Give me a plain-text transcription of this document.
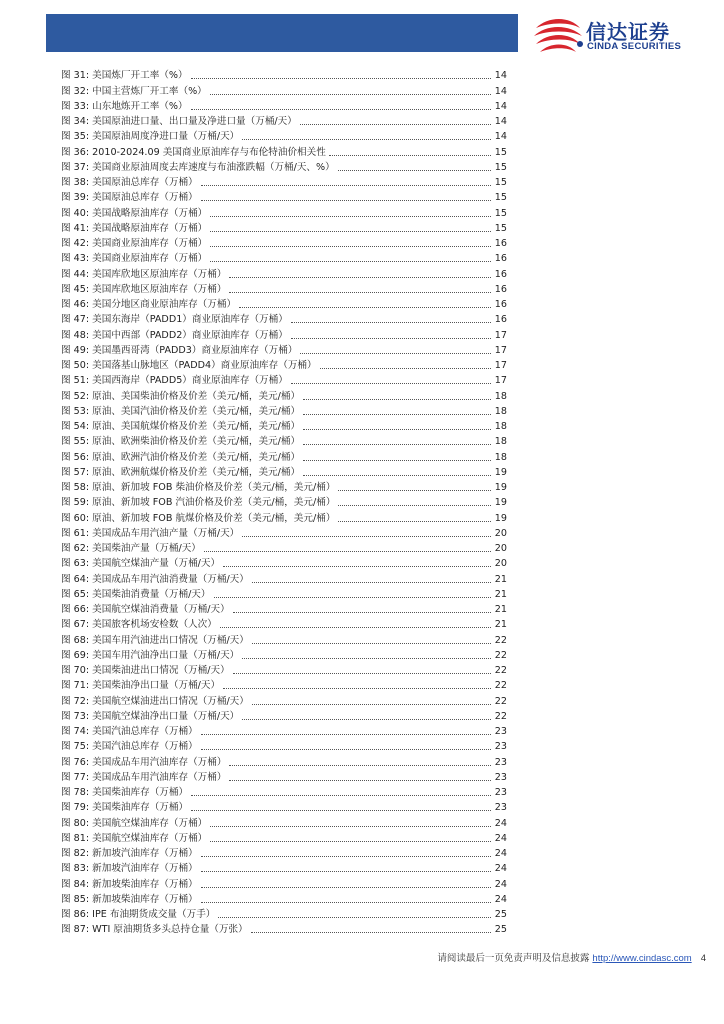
信达证券
CINDA SECURITIES
图 31: 美国炼厂开工率（%）	14
图 32: 中国主营炼厂开工率（%）	14
图 33: 山东地炼开工率（%）	14
图 34: 美国原油进口量、出口量及净进口量（万桶/天）	14
图 35: 美国原油周度净进口量（万桶/天）	14
图 36: 2010-2024.09 美国商业原油库存与布伦特油价相关性	15
图 37: 美国商业原油周度去库速度与布油涨跌幅（万桶/天、%）	15
图 38: 美国原油总库存（万桶）	15
图 39: 美国原油总库存（万桶）	15
图 40: 美国战略原油库存（万桶）	15
图 41: 美国战略原油库存（万桶）	15
图 42: 美国商业原油库存（万桶）	16
图 43: 美国商业原油库存（万桶）	16
图 44: 美国库欣地区原油库存（万桶）	16
图 45: 美国库欣地区原油库存（万桶）	16
图 46: 美国分地区商业原油库存（万桶）	16
图 47: 美国东海岸（PADD1）商业原油库存（万桶）	16
图 48: 美国中西部（PADD2）商业原油库存（万桶）	17
图 49: 美国墨西哥湾（PADD3）商业原油库存（万桶）	17
图 50: 美国落基山脉地区（PADD4）商业原油库存（万桶）	17
图 51: 美国西海岸（PADD5）商业原油库存（万桶）	17
图 52: 原油、美国柴油价格及价差（美元/桶，美元/桶）	18
图 53: 原油、美国汽油价格及价差（美元/桶，美元/桶）	18
图 54: 原油、美国航煤价格及价差（美元/桶，美元/桶）	18
图 55: 原油、欧洲柴油价格及价差（美元/桶，美元/桶）	18
图 56: 原油、欧洲汽油价格及价差（美元/桶，美元/桶）	18
图 57: 原油、欧洲航煤价格及价差（美元/桶，美元/桶）	19
图 58: 原油、新加坡 FOB 柴油价格及价差（美元/桶，美元/桶）	19
图 59: 原油、新加坡 FOB 汽油价格及价差（美元/桶，美元/桶）	19
图 60: 原油、新加坡 FOB 航煤价格及价差（美元/桶，美元/桶）	19
图 61: 美国成品车用汽油产量（万桶/天）	20
图 62: 美国柴油产量（万桶/天）	20
图 63: 美国航空煤油产量（万桶/天）	20
图 64: 美国成品车用汽油消费量（万桶/天）	21
图 65: 美国柴油消费量（万桶/天）	21
图 66: 美国航空煤油消费量（万桶/天）	21
图 67: 美国旅客机场安检数（人次）	21
图 68: 美国车用汽油进出口情况（万桶/天）	22
图 69: 美国车用汽油净出口量（万桶/天）	22
图 70: 美国柴油进出口情况（万桶/天）	22
图 71: 美国柴油净出口量（万桶/天）	22
图 72: 美国航空煤油进出口情况（万桶/天）	22
图 73: 美国航空煤油净出口量（万桶/天）	22
图 74: 美国汽油总库存（万桶）	23
图 75: 美国汽油总库存（万桶）	23
图 76: 美国成品车用汽油库存（万桶）	23
图 77: 美国成品车用汽油库存（万桶）	23
图 78: 美国柴油库存（万桶）	23
图 79: 美国柴油库存（万桶）	23
图 80: 美国航空煤油库存（万桶）	24
图 81: 美国航空煤油库存（万桶）	24
图 82: 新加坡汽油库存（万桶）	24
图 83: 新加坡汽油库存（万桶）	24
图 84: 新加坡柴油库存（万桶）	24
图 85: 新加坡柴油库存（万桶）	24
图 86: IPE 布油期货成交量（万手）	25
图 87: WTI 原油期货多头总持仓量（万张）	25
请阅读最后一页免责声明及信息披露 http://www.cindasc.com 4
